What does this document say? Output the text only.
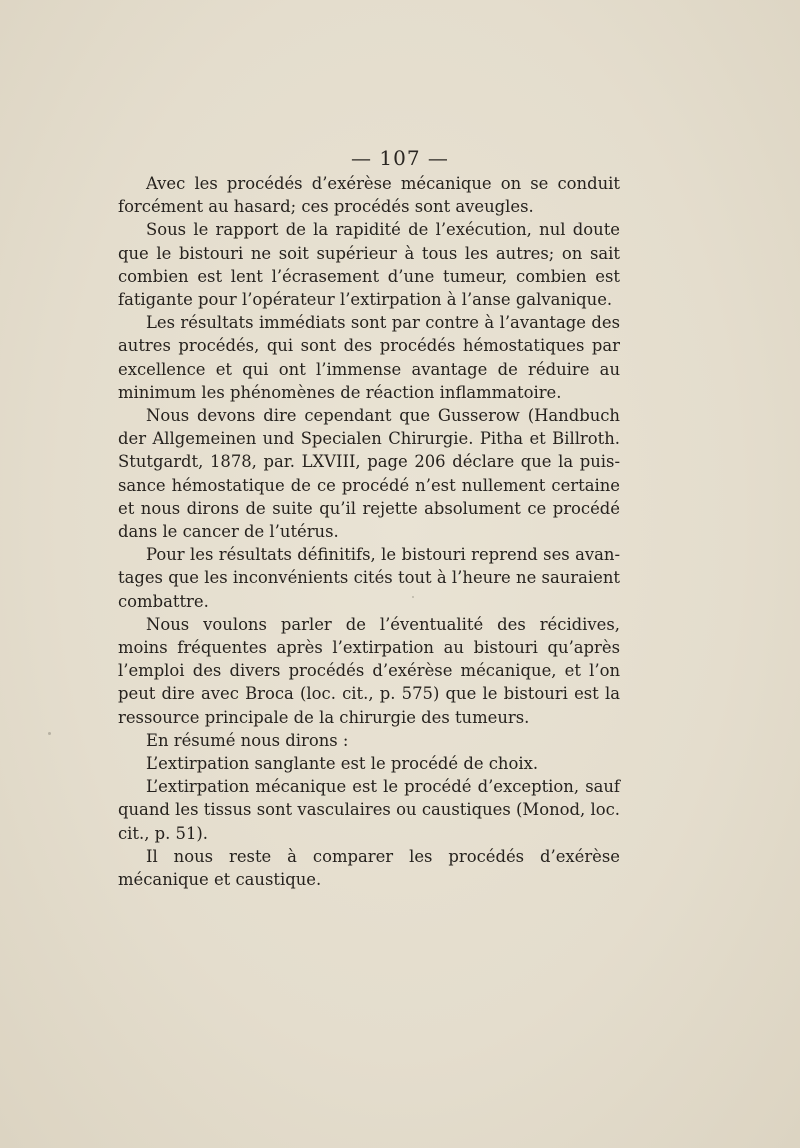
— 107 —

Avec les procédés d’exérèse mécanique on se conduit forcément au hasard; ces procédés sont aveugles.

Sous le rapport de la rapidité de l’exécution, nul doute que le bistouri ne soit supérieur à tous les autres; on sait combien est lent l’écrasement d’une tumeur, combien est fatigante pour l’opérateur l’extirpation à l’anse galvanique.

Les résultats immédiats sont par contre à l’avantage des autres procédés, qui sont des procédés hémostatiques par excellence et qui ont l’immense avantage de réduire au minimum les phénomènes de réaction inflammatoire.

Nous devons dire cependant que Gusserow (Handbuch der Allgemeinen und Specialen Chirurgie. Pitha et Billroth. Stutgardt, 1878, par. LXVIII, page 206 déclare que la puissance hémostatique de ce procédé n’est nullement certaine et nous dirons de suite qu’il rejette absolument ce procédé dans le cancer de l’utérus.

Pour les résultats définitifs, le bistouri reprend ses avantages que les inconvénients cités tout à l’heure ne sauraient combattre.

Nous voulons parler de l’éventualité des récidives, moins fréquentes après l’extirpation au bistouri qu’après l’emploi des divers procédés d’exérèse mécanique, et l’on peut dire avec Broca (loc. cit., p. 575) que le bistouri est la ressource principale de la chirurgie des tumeurs.

En résumé nous dirons :

L’extirpation sanglante est le procédé de choix.

L’extirpation mécanique est le procédé d’exception, sauf quand les tissus sont vasculaires ou caustiques (Monod, loc. cit., p. 51).

Il nous reste à comparer les procédés d’exérèse mécanique et caustique.
